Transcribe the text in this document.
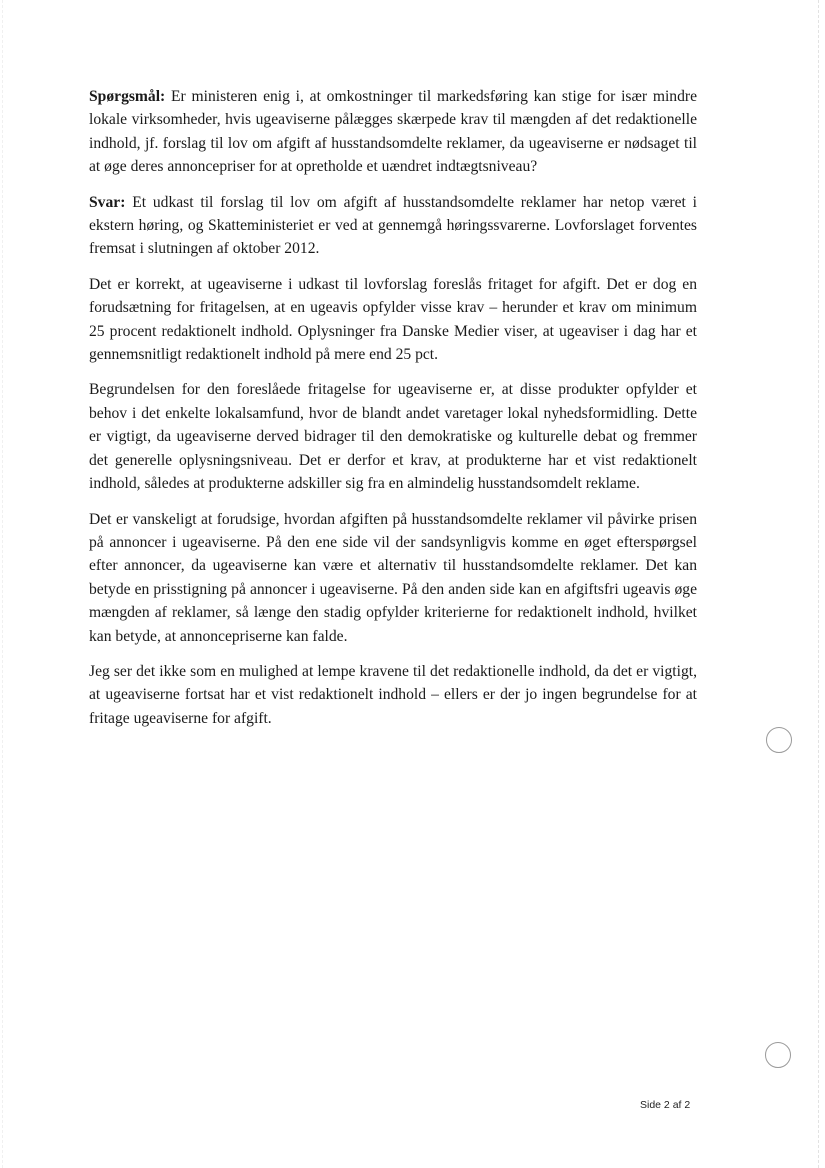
Spørgsmål: Er ministeren enig i, at omkostninger til markedsføring kan stige for især mindre lokale virksomheder, hvis ugeaviserne pålægges skærpede krav til mængden af det redaktionelle indhold, jf. forslag til lov om afgift af husstandsomdelte reklamer, da ugeaviserne er nødsaget til at øge deres annoncepriser for at opretholde et uændret indtægtsniveau?

Svar: Et udkast til forslag til lov om afgift af husstandsomdelte reklamer har netop været i ekstern høring, og Skatteministeriet er ved at gennemgå høringssvarerne. Lovforslaget forventes fremsat i slutningen af oktober 2012.

Det er korrekt, at ugeaviserne i udkast til lovforslag foreslås fritaget for afgift. Det er dog en forudsætning for fritagelsen, at en ugeavis opfylder visse krav – herunder et krav om minimum 25 procent redaktionelt indhold. Oplysninger fra Danske Medier viser, at ugeaviser i dag har et gennemsnitligt redaktionelt indhold på mere end 25 pct.

Begrundelsen for den foreslåede fritagelse for ugeaviserne er, at disse produkter opfylder et behov i det enkelte lokalsamfund, hvor de blandt andet varetager lokal nyhedsformidling. Dette er vigtigt, da ugeaviserne derved bidrager til den demokratiske og kulturelle debat og fremmer det generelle oplysningsniveau. Det er derfor et krav, at produkterne har et vist redaktionelt indhold, således at produkterne adskiller sig fra en almindelig husstandsomdelt reklame.

Det er vanskeligt at forudsige, hvordan afgiften på husstandsomdelte reklamer vil påvirke prisen på annoncer i ugeaviserne. På den ene side vil der sandsynligvis komme en øget efterspørgsel efter annoncer, da ugeaviserne kan være et alternativ til husstandsomdelte reklamer. Det kan betyde en prisstigning på annoncer i ugeaviserne. På den anden side kan en afgiftsfri ugeavis øge mængden af reklamer, så længe den stadig opfylder kriterierne for redaktionelt indhold, hvilket kan betyde, at annoncepriserne kan falde.

Jeg ser det ikke som en mulighed at lempe kravene til det redaktionelle indhold, da det er vigtigt, at ugeaviserne fortsat har et vist redaktionelt indhold – ellers er der jo ingen begrundelse for at fritage ugeaviserne for afgift.

Side 2 af 2
